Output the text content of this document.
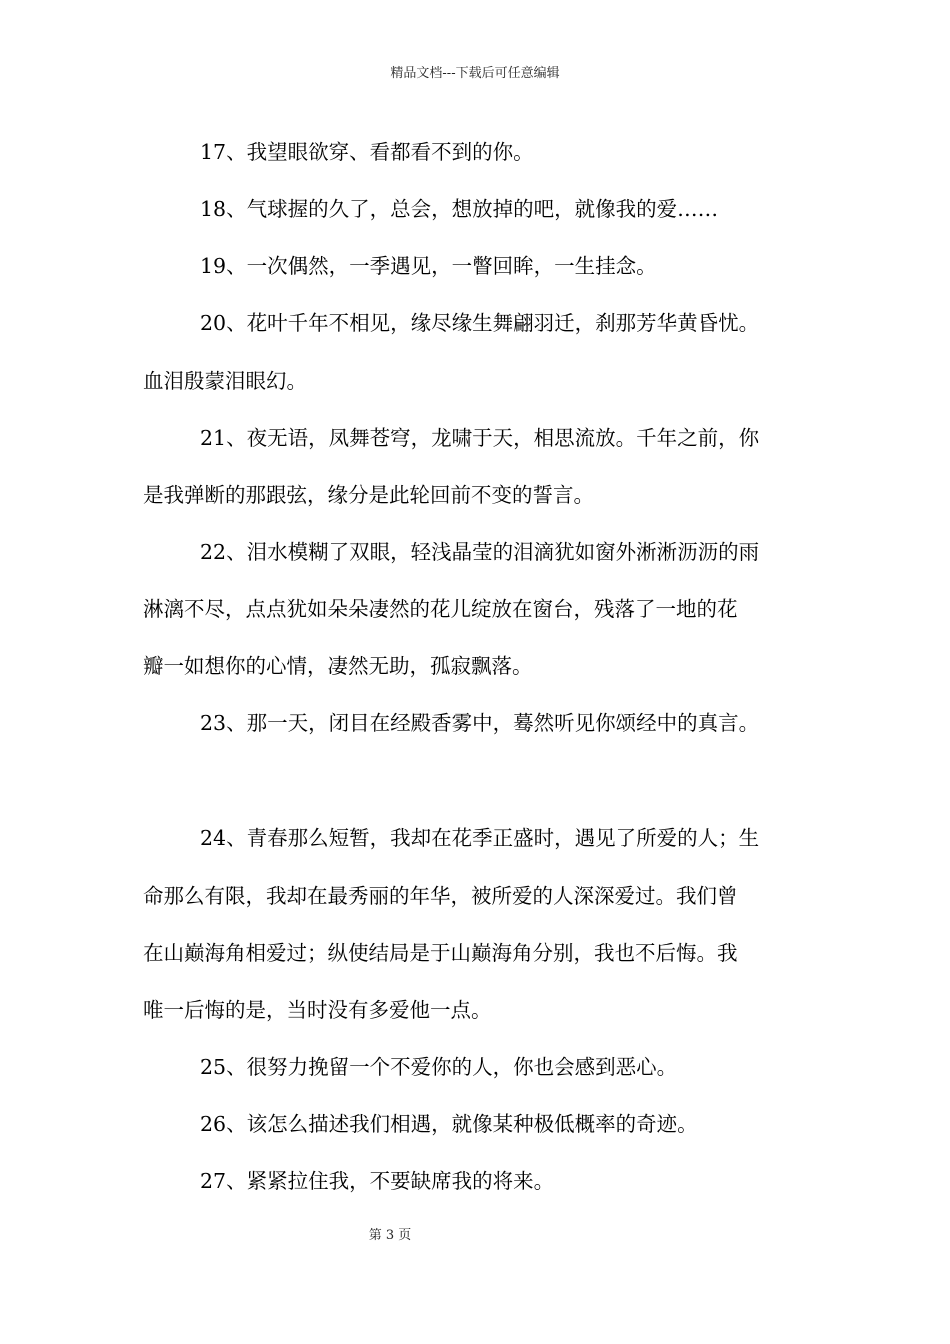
精品文档---下载后可任意编辑
17、我望眼欲穿、看都看不到的你。
18、气球握的久了，总会，想放掉的吧，就像我的爱……
19、一次偶然，一季遇见，一瞥回眸，一生挂念。
20、花叶千年不相见，缘尽缘生舞翩羽迁，刹那芳华黄昏忧。
血泪殷蒙泪眼幻。
21、夜无语，凤舞苍穹，龙啸于天，相思流放。千年之前，你
是我弹断的那跟弦，缘分是此轮回前不变的誓言。
22、泪水模糊了双眼，轻浅晶莹的泪滴犹如窗外淅淅沥沥的雨
淋漓不尽，点点犹如朵朵凄然的花儿绽放在窗台，残落了一地的花
瓣一如想你的心情，凄然无助，孤寂飘落。
23、那一天，闭目在经殿香雾中，蓦然听见你颂经中的真言。
24、青春那么短暂，我却在花季正盛时，遇见了所爱的人；生
命那么有限，我却在最秀丽的年华，被所爱的人深深爱过。我们曾
在山巅海角相爱过；纵使结局是于山巅海角分别，我也不后悔。我
唯一后悔的是，当时没有多爱他一点。
25、很努力挽留一个不爱你的人，你也会感到恶心。
26、该怎么描述我们相遇，就像某种极低概率的奇迹。
27、紧紧拉住我，不要缺席我的将来。
第 3 页
